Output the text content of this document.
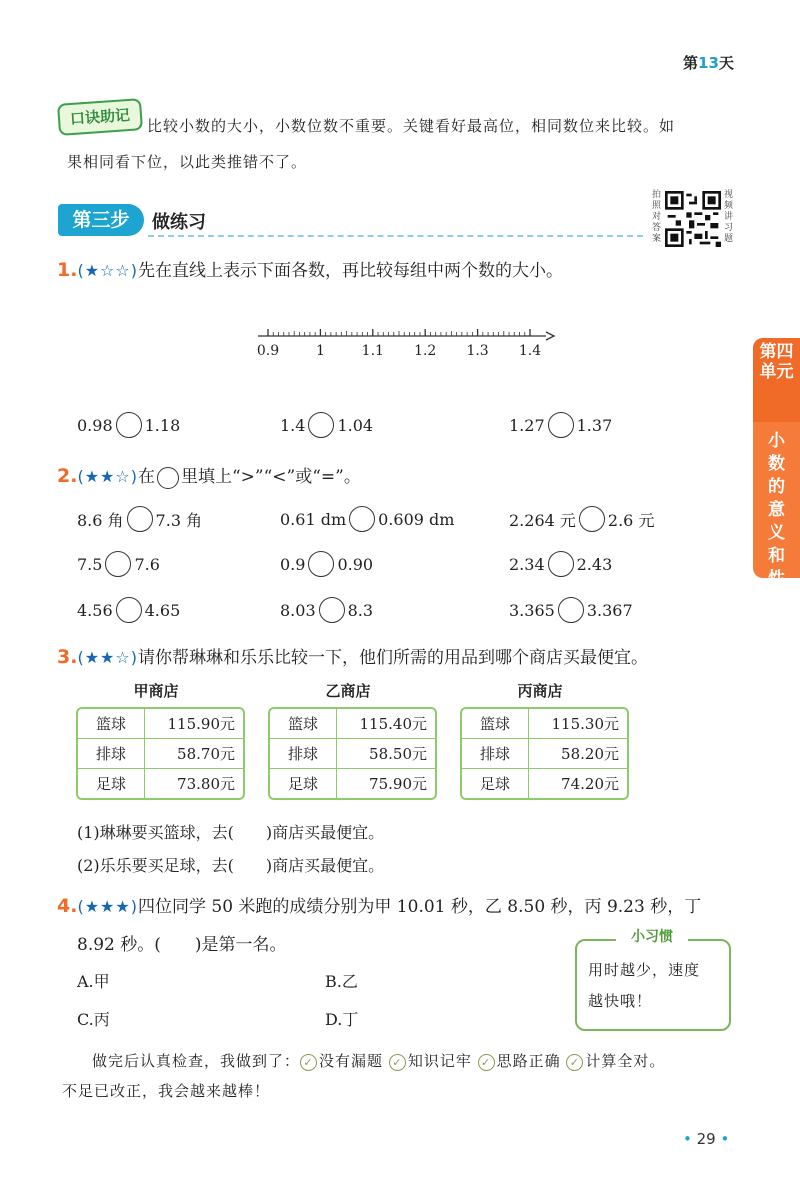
第13天
口诀助记	比较小数的大小，小数位数不重要。关键看好最高位，相同数位来比较。如
果相同看下位，以此类推错不了。
第三步	做练习
拍照对答案
视频讲习题
第四单元
小数的意义和性质
1.(★☆☆)先在直线上表示下面各数，再比较每组中两个数的大小。
0.9	1	1.1 1.2 1.3 1.4
0.98 1.18	1.4 1.04	1.27 1.37
2.(★★☆)在 里填上“>”“<”或“=”。
8.6 角 7.3 角	0.61 dm 0.609 dm	2.264 元 2.6 元
7.5 7.6	0.9 0.90	2.34 2.43
4.56 4.65	8.03 8.3	3.365 3.367
3.(★★☆)请你帮琳琳和乐乐比较一下，他们所需的用品到哪个商店买最便宜。
甲商店
篮球	115.90元
排球	58.70元
足球	73.80元
乙商店
篮球	115.40元
排球	58.50元
足球	75.90元
丙商店
篮球	115.30元
排球	58.20元
足球	74.20元
(1)琳琳要买篮球，去(　　)商店买最便宜。
(2)乐乐要买足球，去(　　)商店买最便宜。
4.(★★★)四位同学 50 米跑的成绩分别为甲 10.01 秒，乙 8.50 秒，丙 9.23 秒，丁
8.92 秒。(　　)是第一名。
A.甲	B.乙
C.丙	D.丁
小习惯
用时越少，速度
越快哦！
做完后认真检查，我做到了： ✓ 没有漏题 ✓ 知识记牢 ✓ 思路正确 ✓ 计算全对。
不足已改正，我会越来越棒！
• 29 •
